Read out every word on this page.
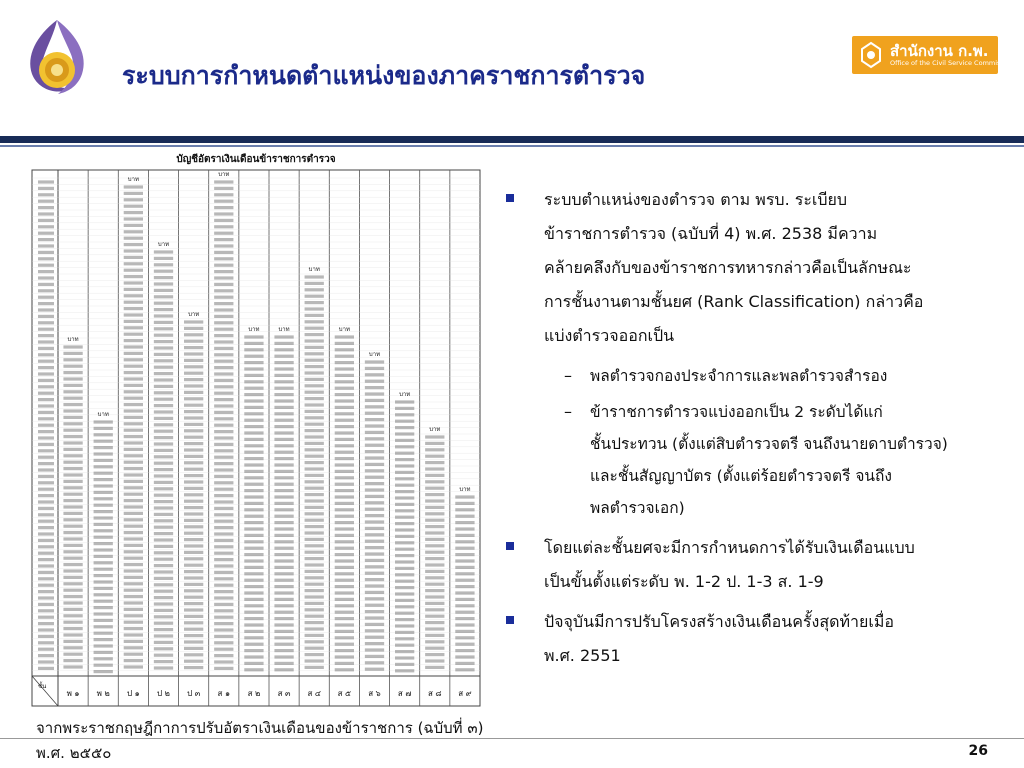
ระบบการกำหนดตำแหน่งของภาคราชการตำรวจ
สำนักงาน ก.พ.
Office of the Civil Service Commission
บัญชีอัตราเงินเดือนข้าราชการตำรวจ
บาท
พ ๑
บาท
พ ๒
บาท
ป ๑
บาท
ป ๒
บาท
ป ๓
บาท
ส ๑
บาท
ส ๒
บาท
ส ๓
บาท
ส ๔
บาท
ส ๕
บาท
ส ๖
บาท
ส ๗
บาท
ส ๘
บาท
ส ๙
ชั้น
ระบบตำแหน่งของตำรวจ ตาม พรบ. ระเบียบ
ข้าราชการตำรวจ (ฉบับที่ 4) พ.ศ. 2538 มีความ
คล้ายคลึงกับของข้าราชการทหารกล่าวคือเป็นลักษณะ
การชั้นงานตามชั้นยศ (Rank Classification) กล่าวคือ
แบ่งตำรวจออกเป็น
– พลตำรวจกองประจำการและพลตำรวจสำรอง
– ข้าราชการตำรวจแบ่งออกเป็น 2 ระดับได้แก่
ชั้นประทวน (ตั้งแต่สิบตำรวจตรี จนถึงนายดาบตำรวจ)
และชั้นสัญญาบัตร (ตั้งแต่ร้อยตำรวจตรี จนถึง
พลตำรวจเอก)
โดยแต่ละชั้นยศจะมีการกำหนดการได้รับเงินเดือนแบบ
เป็นขั้นตั้งแต่ระดับ พ. 1-2 ป. 1-3 ส. 1-9
ปัจจุบันมีการปรับโครงสร้างเงินเดือนครั้งสุดท้ายเมื่อ
พ.ศ. 2551
จากพระราชกฤษฎีกาการปรับอัตราเงินเดือนของข้าราชการ (ฉบับที่ ๓)
พ.ศ. ๒๕๕๐	26
